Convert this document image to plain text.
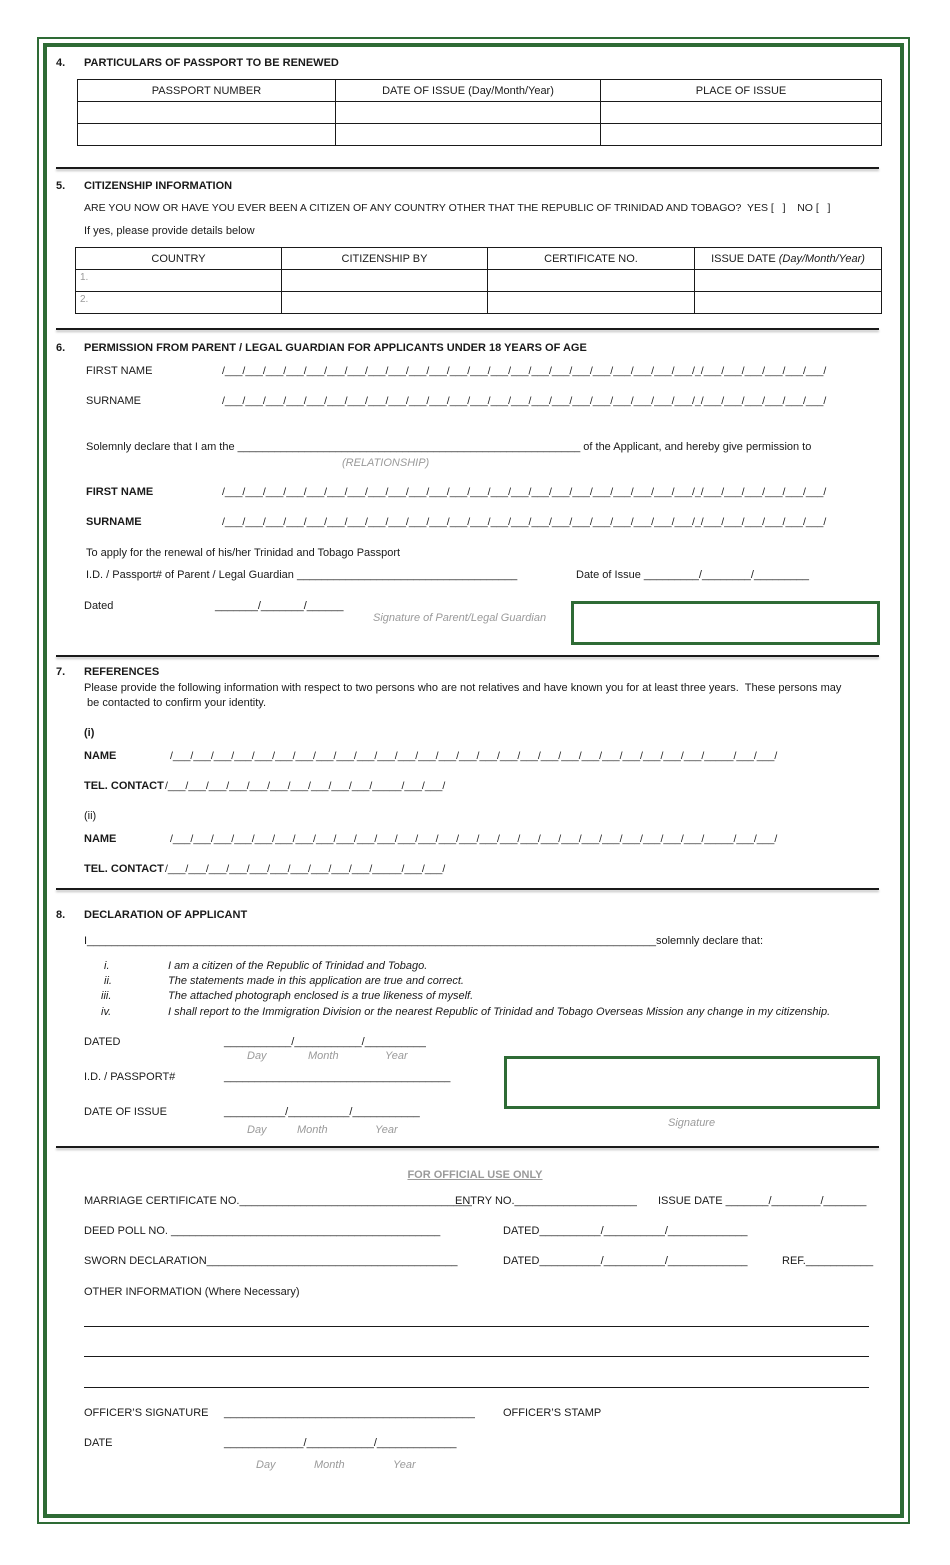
4. PARTICULARS OF PASSPORT TO BE RENEWED
PASSPORT NUMBER	DATE OF ISSUE (Day/Month/Year)	PLACE OF ISSUE

5. CITIZENSHIP INFORMATION
ARE YOU NOW OR HAVE YOU EVER BEEN A CITIZEN OF ANY COUNTRY OTHER THAT THE REPUBLIC OF TRINIDAD AND TOBAGO?  YES [   ]    NO [   ]
If yes, please provide details below
COUNTRY	CITIZENSHIP BY	CERTIFICATE NO.	ISSUE DATE (Day/Month/Year)
1.			
2.			
6. PERMISSION FROM PARENT / LEGAL GUARDIAN FOR APPLICANTS UNDER 18 YEARS OF AGE
FIRST NAME	/___/___/___/___/___/___/___/___/___/___/___/___/___/___/___/___/___/___/___/___/___/___/___/_/___/___/___/___/___/___/
SURNAME	/___/___/___/___/___/___/___/___/___/___/___/___/___/___/___/___/___/___/___/___/___/___/___/_/___/___/___/___/___/___/
Solemnly declare that I am the ________________________________________________________ of the Applicant, and hereby give permission to
(RELATIONSHIP)
FIRST NAME	/___/___/___/___/___/___/___/___/___/___/___/___/___/___/___/___/___/___/___/___/___/___/___/_/___/___/___/___/___/___/
SURNAME	/___/___/___/___/___/___/___/___/___/___/___/___/___/___/___/___/___/___/___/___/___/___/___/_/___/___/___/___/___/___/
To apply for the renewal of his/her Trinidad and Tobago Passport
I.D. / Passport# of Parent / Legal Guardian ____________________________________	Date of Issue _________/________/_________
Dated	_______/_______/______
Signature of Parent/Legal Guardian
7. REFERENCES
Please provide the following information with respect to two persons who are not relatives and have known you for at least three years.  These persons may
be contacted to confirm your identity.
(i)
NAME	/___/___/___/___/___/___/___/___/___/___/___/___/___/___/___/___/___/___/___/___/___/___/___/___/___/___/_____/___/___/
TEL. CONTACT /___/___/___/___/___/___/___/___/___/___/_____/___/___/
(ii)
NAME	/___/___/___/___/___/___/___/___/___/___/___/___/___/___/___/___/___/___/___/___/___/___/___/___/___/___/_____/___/___/
TEL. CONTACT /___/___/___/___/___/___/___/___/___/___/_____/___/___/
8. DECLARATION OF APPLICANT
I_____________________________________________________________________________________________solemnly declare that:
i.	I am a citizen of the Republic of Trinidad and Tobago.
ii.	The statements made in this application are true and correct.
iii.	The attached photograph enclosed is a true likeness of myself.
iv.	I shall report to the Immigration Division or the nearest Republic of Trinidad and Tobago Overseas Mission any change in my citizenship.
DATED	___________/___________/__________
Day	Month	Year
I.D. / PASSPORT#	_____________________________________
DATE OF ISSUE	__________/__________/___________
Day	Month	Year
Signature
FOR OFFICIAL USE ONLY
MARRIAGE CERTIFICATE NO.______________________________________
ENTRY NO.____________________ ISSUE DATE _______/________/_______
DEED POLL NO. ____________________________________________	DATED__________/__________/_____________
SWORN DECLARATION_________________________________________	DATED__________/__________/_____________	REF.___________
OTHER INFORMATION (Where Necessary)
OFFICER’S SIGNATURE _________________________________________	OFFICER’S STAMP
DATE	_____________/___________/_____________
Day	Month	Year
